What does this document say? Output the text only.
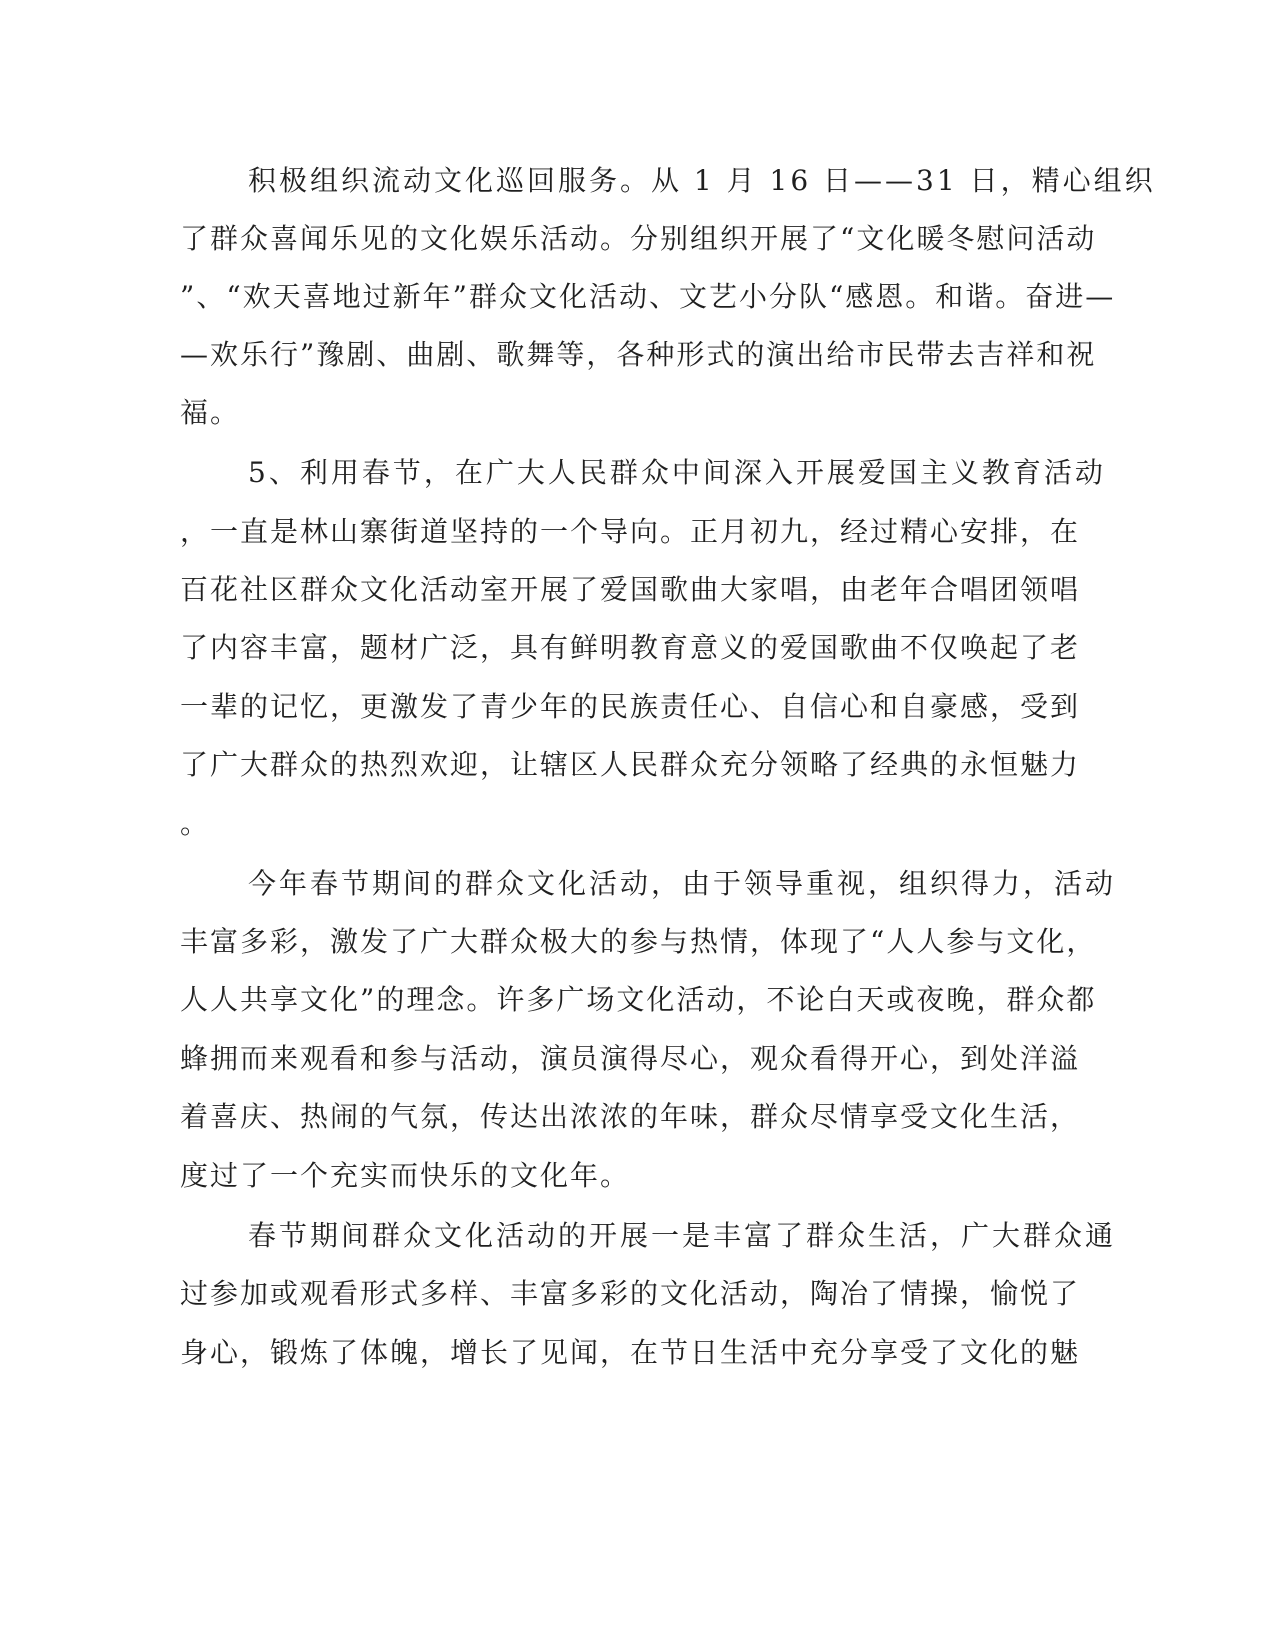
积极组织流动文化巡回服务。从 1 月 16 日——31 日，精心组织
了群众喜闻乐见的文化娱乐活动。分别组织开展了“文化暖冬慰问活动
”、“欢天喜地过新年”群众文化活动、文艺小分队“感恩。和谐。奋进—
—欢乐行”豫剧、曲剧、歌舞等，各种形式的演出给市民带去吉祥和祝
福。
5、利用春节，在广大人民群众中间深入开展爱国主义教育活动
，一直是林山寨街道坚持的一个导向。正月初九，经过精心安排，在
百花社区群众文化活动室开展了爱国歌曲大家唱，由老年合唱团领唱
了内容丰富，题材广泛，具有鲜明教育意义的爱国歌曲不仅唤起了老
一辈的记忆，更激发了青少年的民族责任心、自信心和自豪感，受到
了广大群众的热烈欢迎，让辖区人民群众充分领略了经典的永恒魅力
。
今年春节期间的群众文化活动，由于领导重视，组织得力，活动
丰富多彩，激发了广大群众极大的参与热情，体现了“人人参与文化，
人人共享文化”的理念。许多广场文化活动，不论白天或夜晚，群众都
蜂拥而来观看和参与活动，演员演得尽心，观众看得开心，到处洋溢
着喜庆、热闹的气氛，传达出浓浓的年味，群众尽情享受文化生活，
度过了一个充实而快乐的文化年。
春节期间群众文化活动的开展一是丰富了群众生活，广大群众通
过参加或观看形式多样、丰富多彩的文化活动，陶冶了情操，愉悦了
身心，锻炼了体魄，增长了见闻，在节日生活中充分享受了文化的魅
